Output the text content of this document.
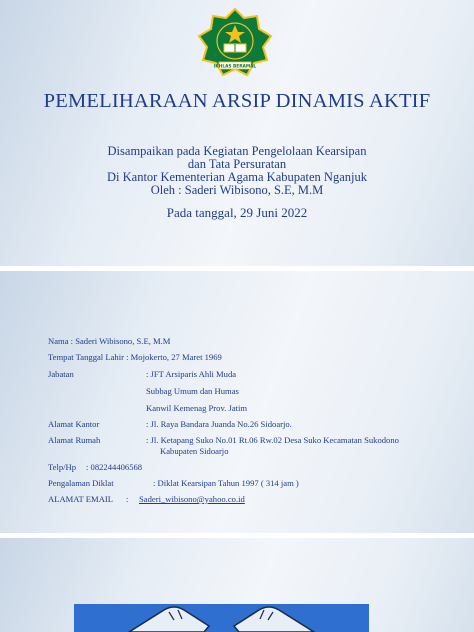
IKHLAS BERAMAL
PEMELIHARAAN ARSIP DINAMIS AKTIF
Disampaikan pada Kegiatan Pengelolaan Kearsipan
dan Tata Persuratan
Di Kantor Kementerian Agama Kabupaten Nganjuk
Oleh : Saderi Wibisono, S.E, M.M
Pada tanggal, 29 Juni 2022
Nama : Saderi Wibisono, S.E, M.M
Tempat Tanggal Lahir : Mojokerto, 27 Maret 1969
Jabatan	: JFT Arsiparis Ahli Muda
Subbag Umum dan Humas
Kanwil Kemenag Prov. Jatim
Alamat Kantor	: Jl. Raya Bandara Juanda No.26 Sidoarjo.
Alamat Rumah	: Jl. Ketapang Suko No.01 Rt.06 Rw.02 Desa Suko Kecamatan Sukodono
Kabupaten Sidoarjo
Telp/Hp : 082244406568
Pengalaman Diklat	: Diklat Kearsipan Tahun 1997 ( 314 jam )
ALAMAT EMAIL : Saderi_wibisono@yahoo.co.id
